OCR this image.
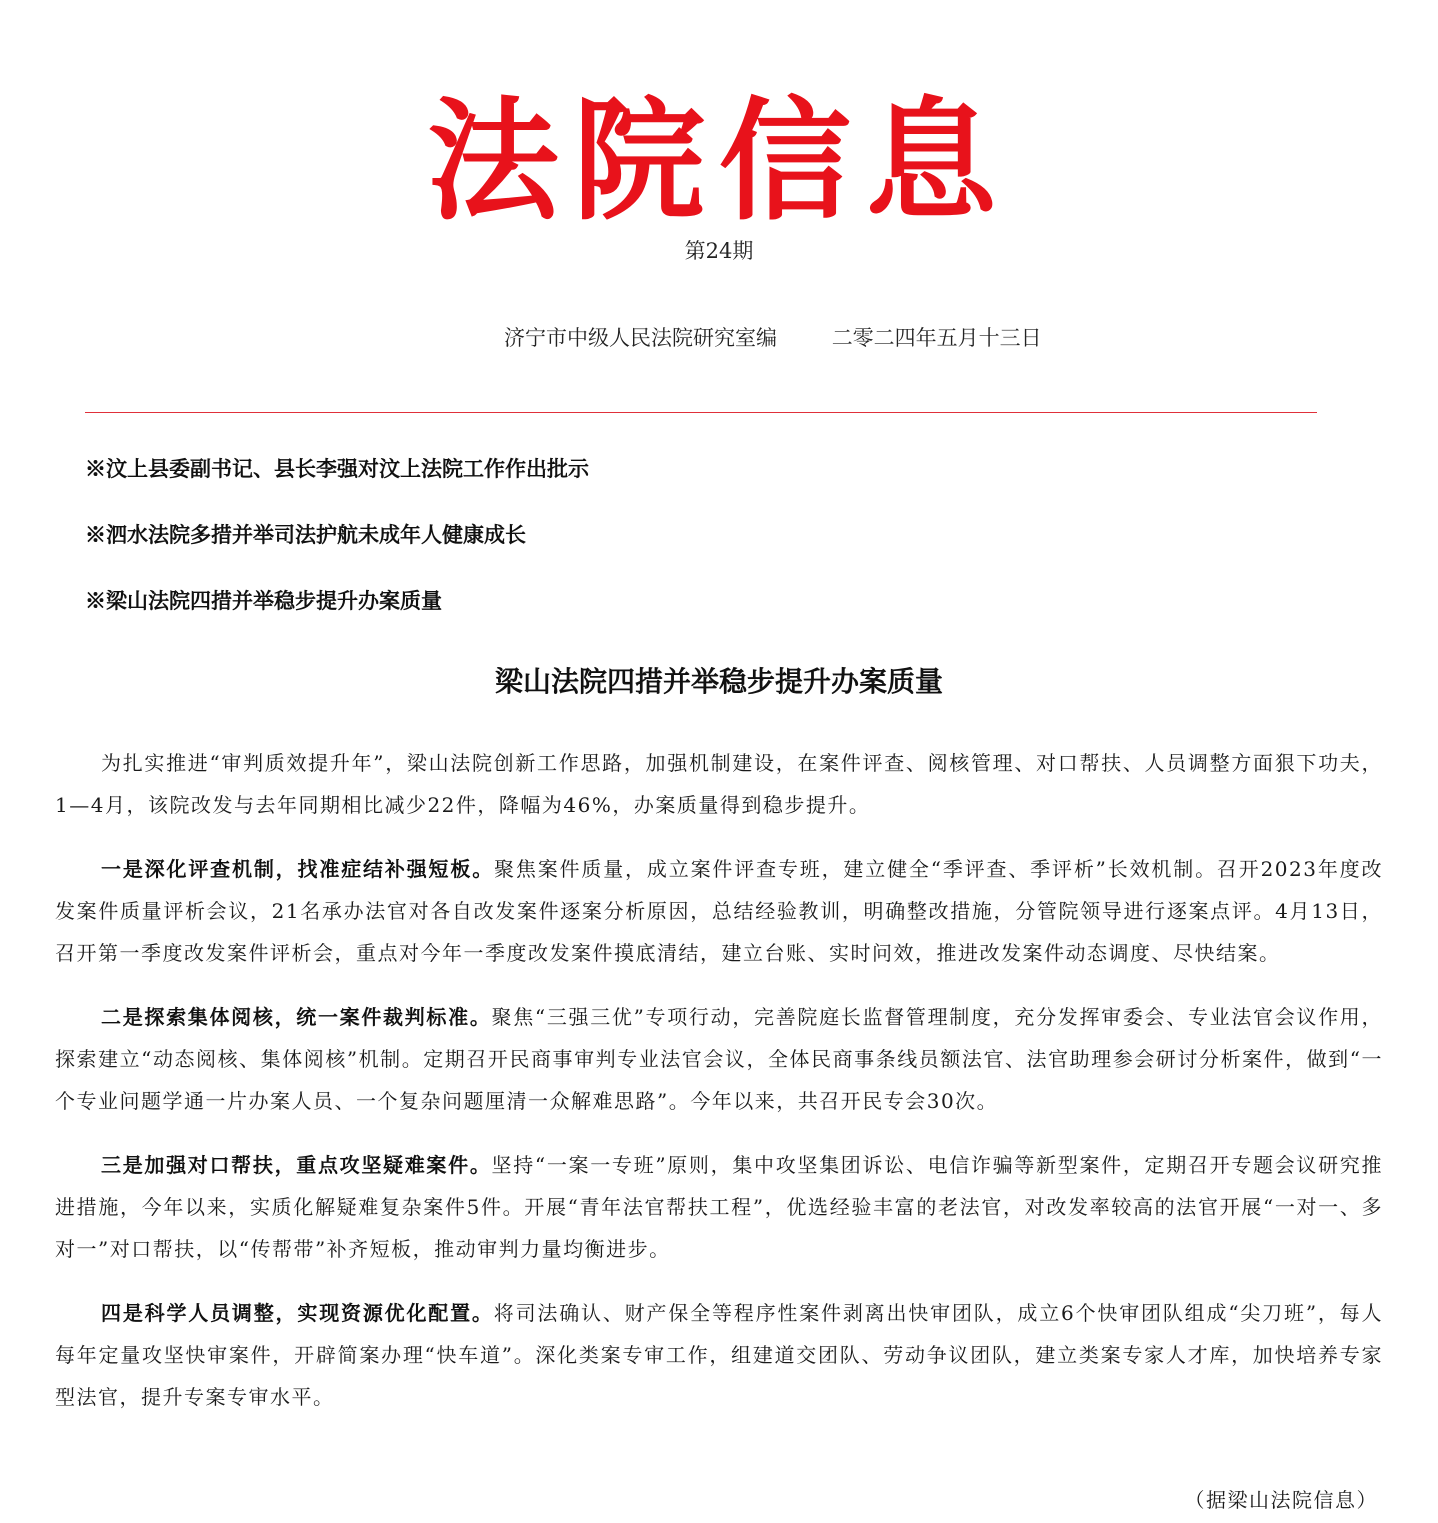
法院信息
第24期
济宁市中级人民法院研究室编	二零二四年五月十三日
※汶上县委副书记、县长李强对汶上法院工作作出批示
※泗水法院多措并举司法护航未成年人健康成长
※梁山法院四措并举稳步提升办案质量
梁山法院四措并举稳步提升办案质量

为扎实推进“审判质效提升年”，梁山法院创新工作思路，加强机制建设，在案件评查、阅核管理、对口帮扶、人员调整方面狠下功夫，1—4月，该院改发与去年同期相比减少22件，降幅为46%，办案质量得到稳步提升。

一是深化评查机制，找准症结补强短板。聚焦案件质量，成立案件评查专班，建立健全“季评查、季评析”长效机制。召开2023年度改发案件质量评析会议，21名承办法官对各自改发案件逐案分析原因，总结经验教训，明确整改措施，分管院领导进行逐案点评。4月13日，召开第一季度改发案件评析会，重点对今年一季度改发案件摸底清结，建立台账、实时问效，推进改发案件动态调度、尽快结案。

二是探索集体阅核，统一案件裁判标准。聚焦“三强三优”专项行动，完善院庭长监督管理制度，充分发挥审委会、专业法官会议作用，探索建立“动态阅核、集体阅核”机制。定期召开民商事审判专业法官会议，全体民商事条线员额法官、法官助理参会研讨分析案件，做到“一个专业问题学通一片办案人员、一个复杂问题厘清一众解难思路”。今年以来，共召开民专会30次。

三是加强对口帮扶，重点攻坚疑难案件。坚持“一案一专班”原则，集中攻坚集团诉讼、电信诈骗等新型案件，定期召开专题会议研究推进措施，今年以来，实质化解疑难复杂案件5件。开展“青年法官帮扶工程”，优选经验丰富的老法官，对改发率较高的法官开展“一对一、多对一”对口帮扶，以“传帮带”补齐短板，推动审判力量均衡进步。

四是科学人员调整，实现资源优化配置。将司法确认、财产保全等程序性案件剥离出快审团队，成立6个快审团队组成“尖刀班”，每人每年定量攻坚快审案件，开辟简案办理“快车道”。深化类案专审工作，组建道交团队、劳动争议团队，建立类案专家人才库，加快培养专家型法官，提升专案专审水平。

（据梁山法院信息）
